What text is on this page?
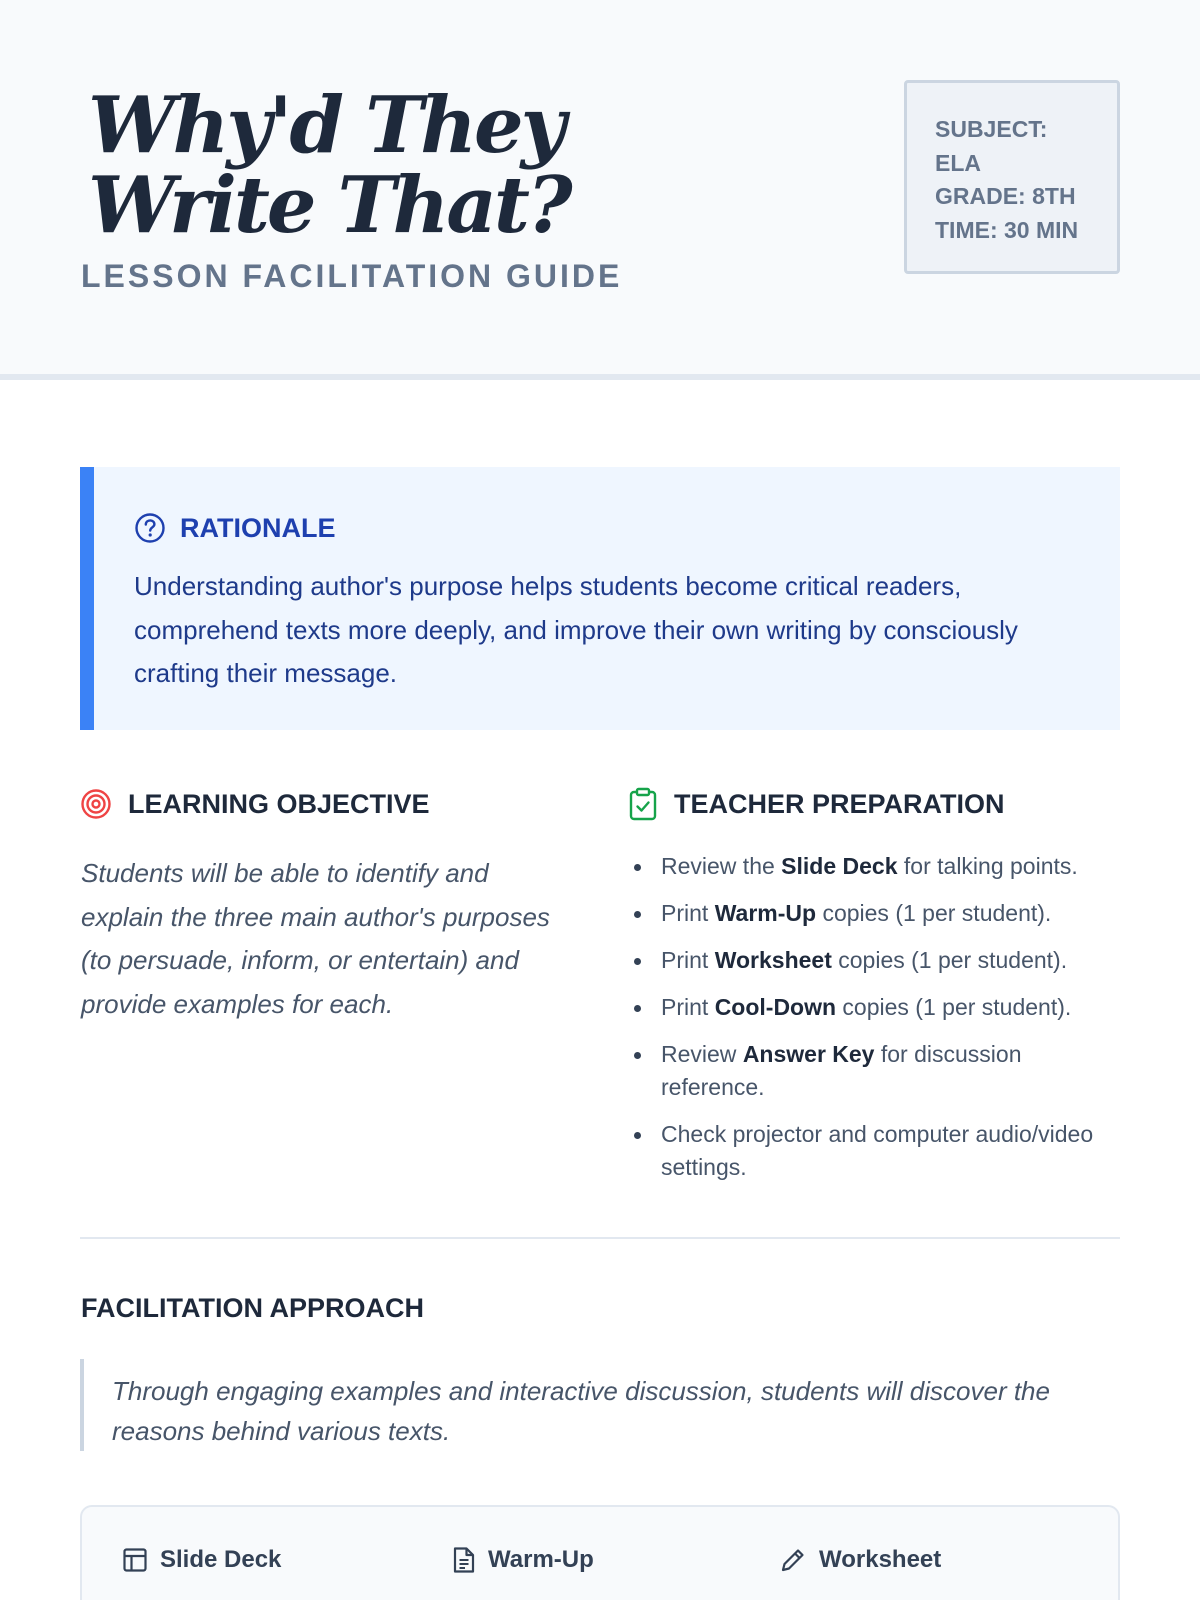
Why'd They Write That?
LESSON FACILITATION GUIDE
SUBJECT:
ELA
GRADE: 8TH
TIME: 30 MIN
RATIONALE

Understanding author's purpose helps students become critical readers, comprehend texts more deeply, and improve their own writing by consciously crafting their message.

LEARNING OBJECTIVE

Students will be able to identify and explain the three main author's purposes (to persuade, inform, or entertain) and provide examples for each.

TEACHER PREPARATION
Review the Slide Deck for talking points.
Print Warm-Up copies (1 per student).
Print Worksheet copies (1 per student).
Print Cool-Down copies (1 per student).
Review Answer Key for discussion reference.
Check projector and computer audio/video settings.
FACILITATION APPROACH
Through engaging examples and interactive discussion, students will discover the reasons behind various texts.
Slide Deck	Warm-Up	Worksheet
